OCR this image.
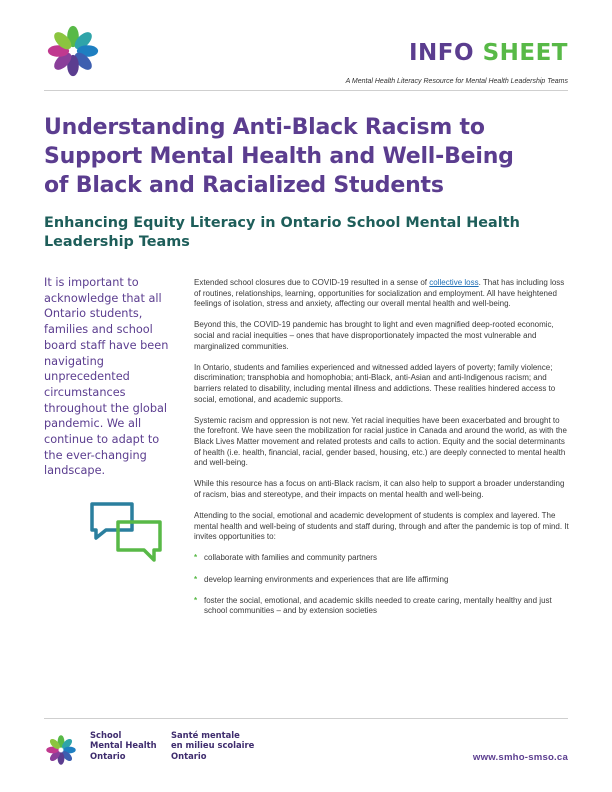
INFO SHEET
A Mental Health Literacy Resource for Mental Health Leadership Teams
Understanding Anti-Black Racism to
Support Mental Health and Well-Being
of Black and Racialized Students
Enhancing Equity Literacy in Ontario School Mental Health
Leadership Teams
It is important to acknowledge that all Ontario students, families and school board staff have been navigating unprecedented circumstances throughout the global pandemic. We all continue to adapt to the ever-changing landscape.

Extended school closures due to COVID-19 resulted in a sense of collective loss. That has including loss of routines, relationships, learning, opportunities for socialization and employment. All have heightened feelings of isolation, stress and anxiety, affecting our overall mental health and well-being.

Beyond this, the COVID-19 pandemic has brought to light and even magnified deep-rooted economic, social and racial inequities – ones that have disproportionately impacted the most vulnerable and marginalized communities.

In Ontario, students and families experienced and witnessed added layers of poverty; family violence; discrimination; transphobia and homophobia; anti-Black, anti-Asian and anti-Indigenous racism; and barriers related to disability, including mental illness and addictions. These realities hindered access to social, emotional, and academic supports.

Systemic racism and oppression is not new. Yet racial inequities have been exacerbated and brought to the forefront. We have seen the mobilization for racial justice in Canada and around the world, as with the Black Lives Matter movement and related protests and calls to action. Equity and the social determinants of health (i.e. health, financial, racial, gender based, housing, etc.) are deeply connected to mental health and well-being.

While this resource has a focus on anti-Black racism, it can also help to support a broader understanding of racism, bias and stereotype, and their impacts on mental health and well-being.

Attending to the social, emotional and academic development of students is complex and layered. The mental health and well-being of students and staff during, through and after the pandemic is top of mind. It invites opportunities to:

* collaborate with families and community partners
* develop learning environments and experiences that are life affirming
* foster the social, emotional, and academic skills needed to create caring, mentally healthy and just school communities – and by extension societies
School
Mental Health
Ontario
Santé mentale
en milieu scolaire
Ontario	www.smho-smso.ca
